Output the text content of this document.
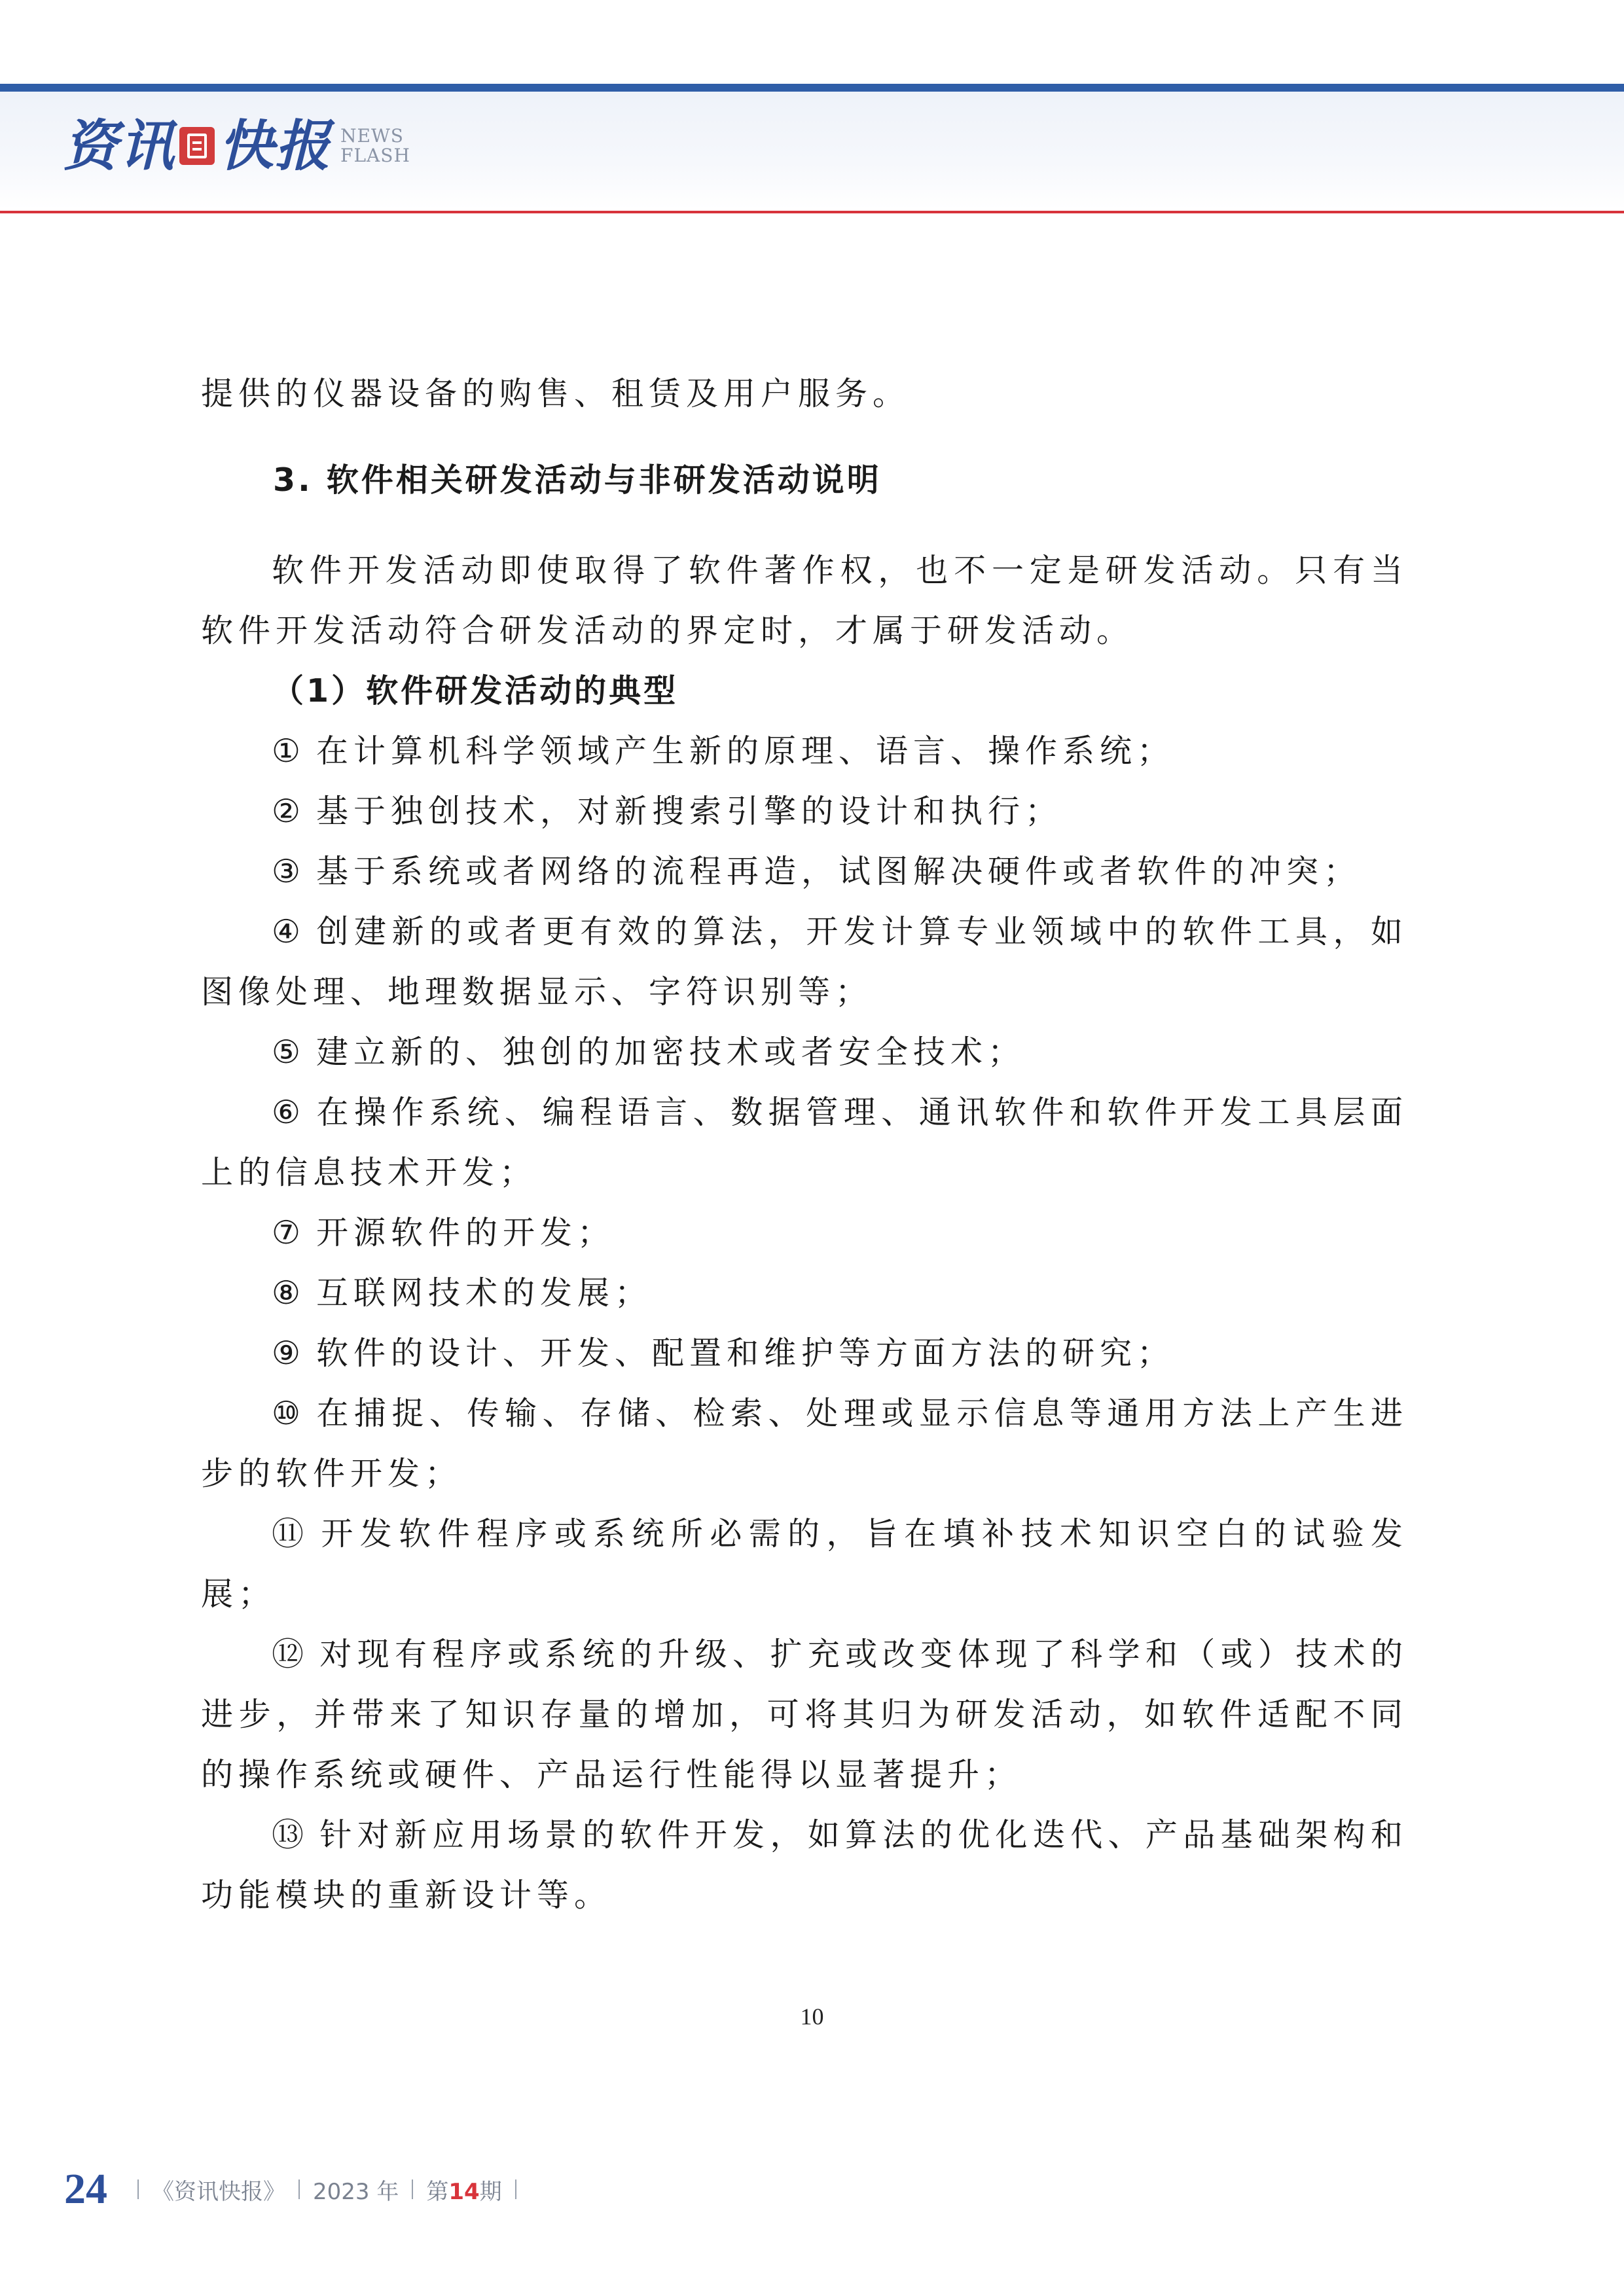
资讯 快报 NEWS
FLASH

提供的仪器设备的购售、租赁及用户服务。

3. 软件相关研发活动与非研发活动说明

软件开发活动即使取得了软件著作权，也不一定是研发活动。只有当软件开发活动符合研发活动的界定时，才属于研发活动。

（1）软件研发活动的典型

① 在计算机科学领域产生新的原理、语言、操作系统；

② 基于独创技术，对新搜索引擎的设计和执行；

③ 基于系统或者网络的流程再造，试图解决硬件或者软件的冲突；

④ 创建新的或者更有效的算法，开发计算专业领域中的软件工具，如图像处理、地理数据显示、字符识别等；

⑤ 建立新的、独创的加密技术或者安全技术；

⑥ 在操作系统、编程语言、数据管理、通讯软件和软件开发工具层面上的信息技术开发；

⑦ 开源软件的开发；

⑧ 互联网技术的发展；

⑨ 软件的设计、开发、配置和维护等方面方法的研究；

⑩ 在捕捉、传输、存储、检索、处理或显示信息等通用方法上产生进步的软件开发；

⑪ 开发软件程序或系统所必需的，旨在填补技术知识空白的试验发展；

⑫ 对现有程序或系统的升级、扩充或改变体现了科学和（或）技术的进步，并带来了知识存量的增加，可将其归为研发活动，如软件适配不同的操作系统或硬件、产品运行性能得以显著提升；

⑬ 针对新应用场景的软件开发，如算法的优化迭代、产品基础架构和功能模块的重新设计等。

10
24 《资讯快报》 2023 年 第14期
